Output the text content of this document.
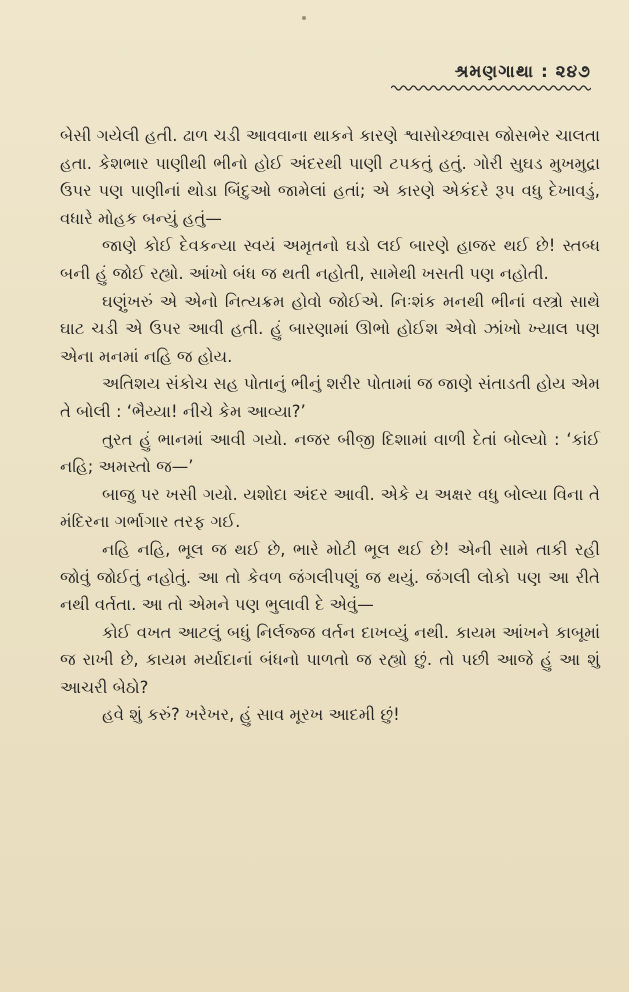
શ્રમણગાથા : ૨૪૭

બેસી ગયેલી હતી. ઢાળ ચડી આવવાના થાકને કારણે શ્વાસોચ્છ્વાસ જોસભેર ચાલતા હતા. કેશભાર પાણીથી ભીનો હોઈ અંદરથી પાણી ટપકતું હતું. ગોરી સુઘડ મુખમુદ્રા ઉપર પણ પાણીનાં થોડા બિંદુઓ જામેલાં હતાં; એ કારણે એકંદરે રૂપ વધુ દેખાવડું, વધારે મોહક બન્યું હતું—

જાણે કોઈ દેવકન્યા સ્વયં અમૃતનો ઘડો લઈ બારણે હાજર થઈ છે! સ્તબ્ધ બની હું જોઈ રહ્યો. આંખો બંધ જ થતી નહોતી, સામેથી ખસતી પણ નહોતી.

ઘણુંખરું એ એનો નિત્યક્રમ હોવો જોઈએ. નિઃશંક મનથી ભીનાં વસ્ત્રો સાથે ઘાટ ચડી એ ઉપર આવી હતી. હું બારણામાં ઊભો હોઈશ એવો ઝાંખો ખ્યાલ પણ એના મનમાં નહિ જ હોય.

અતિશય સંકોચ સહ પોતાનું ભીનું શરીર પોતામાં જ જાણે સંતાડતી હોય એમ તે બોલી : ‘ભૈય્યા! નીચે કેમ આવ્યા?’

તુરત હું ભાનમાં આવી ગયો. નજર બીજી દિશામાં વાળી દેતાં બોલ્યો : ‘કાંઈ નહિ; અમસ્તો જ—’

બાજુ પર ખસી ગયો. યશોદા અંદર આવી. એકે ય અક્ષર વધુ બોલ્યા વિના તે મંદિરના ગર્ભાગાર તરફ ગઈ.

નહિ નહિ, ભૂલ જ થઈ છે, ભારે મોટી ભૂલ થઈ છે! એની સામે તાકી રહી જોવું જોઈતું નહોતું. આ તો કેવળ જંગલીપણું જ થયું. જંગલી લોકો પણ આ રીતે નથી વર્તતા. આ તો એમને પણ ભુલાવી દે એવું—

કોઈ વખત આટલું બધું નિર્લજ્જ વર્તન દાખવ્યું નથી. કાયમ આંખને કાબૂમાં જ રાખી છે, કાયમ મર્યાદાનાં બંધનો પાળતો જ રહ્યો છું. તો પછી આજે હું આ શું આચરી બેઠો?

હવે શું કરું? ખરેખર, હું સાવ મૂરખ આદમી છું!
